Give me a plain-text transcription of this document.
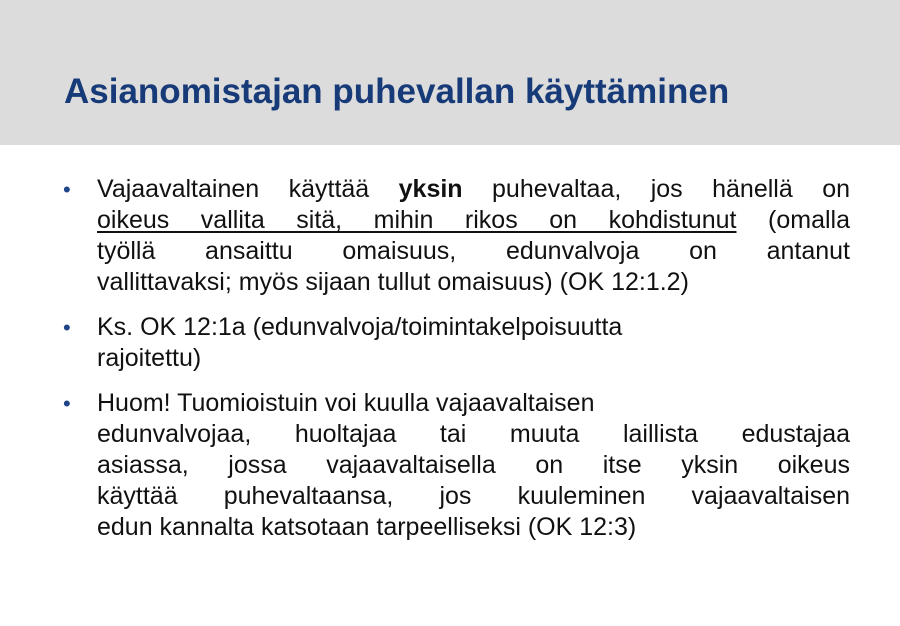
Asianomistajan puhevallan käyttäminen
• Vajaavaltainen käyttää yksin puhevaltaa, jos hänellä on
oikeus vallita sitä, mihin rikos on kohdistunut (omalla
työllä ansaittu omaisuus, edunvalvoja on antanut
vallittavaksi; myös sijaan tullut omaisuus) (OK 12:1.2)
• Ks. OK 12:1a (edunvalvoja/toimintakelpoisuutta
rajoitettu)
• Huom! Tuomioistuin voi kuulla vajaavaltaisen
edunvalvojaa, huoltajaa tai muuta laillista edustajaa
asiassa, jossa vajaavaltaisella on itse yksin oikeus
käyttää puhevaltaansa, jos kuuleminen vajaavaltaisen
edun kannalta katsotaan tarpeelliseksi (OK 12:3)
